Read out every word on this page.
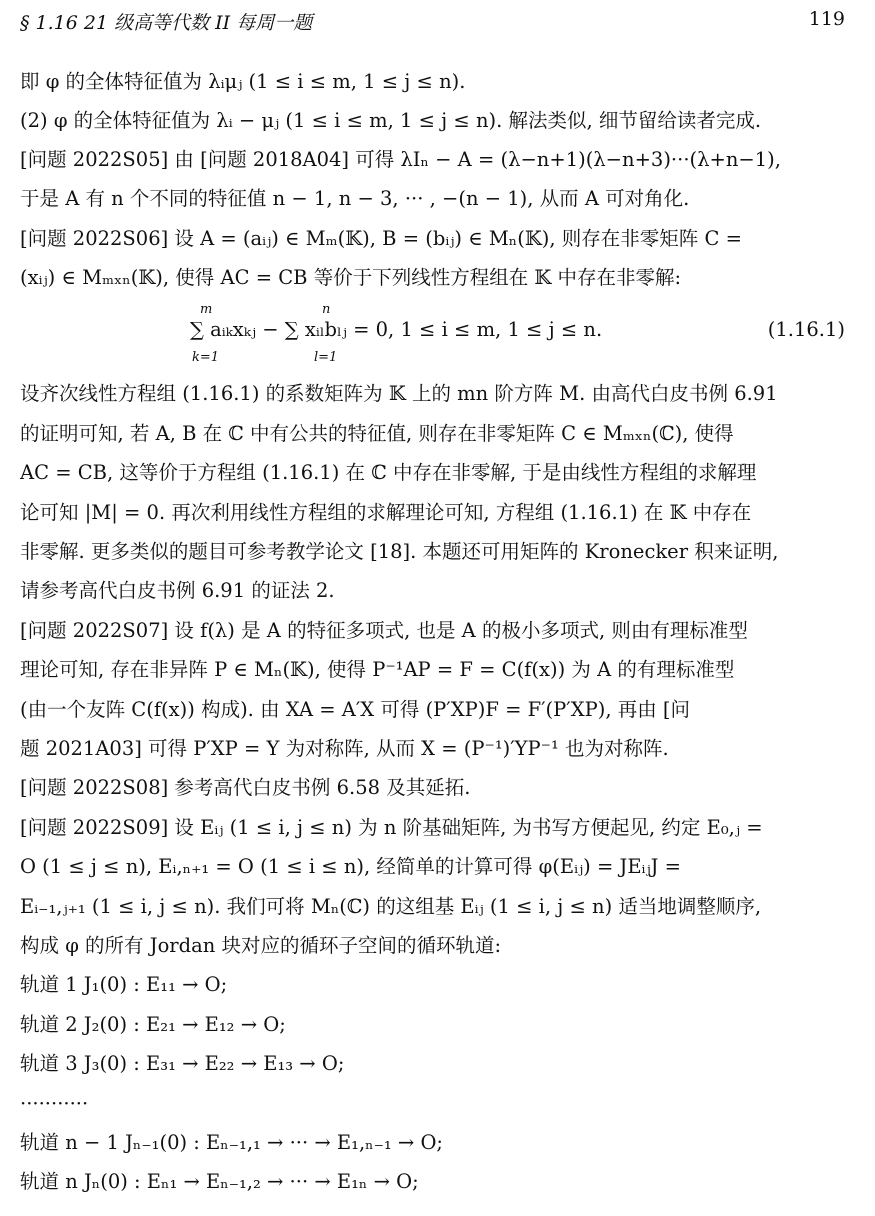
§ 1.16 21 级高等代数 II 每周一题	119
即 φ 的全体特征值为 λᵢμⱼ (1 ≤ i ≤ m, 1 ≤ j ≤ n).
(2) φ 的全体特征值为 λᵢ − μⱼ (1 ≤ i ≤ m, 1 ≤ j ≤ n). 解法类似, 细节留给读者完成.
[问题 2022S05] 由 [问题 2018A04] 可得 λIₙ − A = (λ−n+1)(λ−n+3)···(λ+n−1),
于是 A 有 n 个不同的特征值 n − 1, n − 3, ··· , −(n − 1), 从而 A 可对角化.
[问题 2022S06] 设 A = (aᵢⱼ) ∈ Mₘ(𝕂), B = (bᵢⱼ) ∈ Mₙ(𝕂), 则存在非零矩阵 C =
(xᵢⱼ) ∈ Mₘₓₙ(𝕂), 使得 AC = CB 等价于下列线性方程组在 𝕂 中存在非零解:
m
k=1
n
l=1
∑ aᵢₖxₖⱼ − ∑ xᵢₗbₗⱼ = 0, 1 ≤ i ≤ m, 1 ≤ j ≤ n.	(1.16.1)
设齐次线性方程组 (1.16.1) 的系数矩阵为 𝕂 上的 mn 阶方阵 M. 由高代白皮书例 6.91
的证明可知, 若 A, B 在 ℂ 中有公共的特征值, 则存在非零矩阵 C ∈ Mₘₓₙ(ℂ), 使得
AC = CB, 这等价于方程组 (1.16.1) 在 ℂ 中存在非零解, 于是由线性方程组的求解理
论可知 |M| = 0. 再次利用线性方程组的求解理论可知, 方程组 (1.16.1) 在 𝕂 中存在
非零解. 更多类似的题目可参考教学论文 [18]. 本题还可用矩阵的 Kronecker 积来证明,
请参考高代白皮书例 6.91 的证法 2.
[问题 2022S07] 设 f(λ) 是 A 的特征多项式, 也是 A 的极小多项式, 则由有理标准型
理论可知, 存在非异阵 P ∈ Mₙ(𝕂), 使得 P⁻¹AP = F = C(f(x)) 为 A 的有理标准型
(由一个友阵 C(f(x)) 构成). 由 XA = A′X 可得 (P′XP)F = F′(P′XP), 再由 [问
题 2021A03] 可得 P′XP = Y 为对称阵, 从而 X = (P⁻¹)′YP⁻¹ 也为对称阵.
[问题 2022S08] 参考高代白皮书例 6.58 及其延拓.
[问题 2022S09] 设 Eᵢⱼ (1 ≤ i, j ≤ n) 为 n 阶基础矩阵, 为书写方便起见, 约定 E₀,ⱼ =
O (1 ≤ j ≤ n), Eᵢ,ₙ₊₁ = O (1 ≤ i ≤ n), 经简单的计算可得 φ(Eᵢⱼ) = JEᵢⱼJ =
Eᵢ₋₁,ⱼ₊₁ (1 ≤ i, j ≤ n). 我们可将 Mₙ(ℂ) 的这组基 Eᵢⱼ (1 ≤ i, j ≤ n) 适当地调整顺序,
构成 φ 的所有 Jordan 块对应的循环子空间的循环轨道:
轨道 1 J₁(0) : E₁₁ → O;
轨道 2 J₂(0) : E₂₁ → E₁₂ → O;
轨道 3 J₃(0) : E₃₁ → E₂₂ → E₁₃ → O;
···········
轨道 n − 1 Jₙ₋₁(0) : Eₙ₋₁,₁ → ··· → E₁,ₙ₋₁ → O;
轨道 n Jₙ(0) : Eₙ₁ → Eₙ₋₁,₂ → ··· → E₁ₙ → O;
